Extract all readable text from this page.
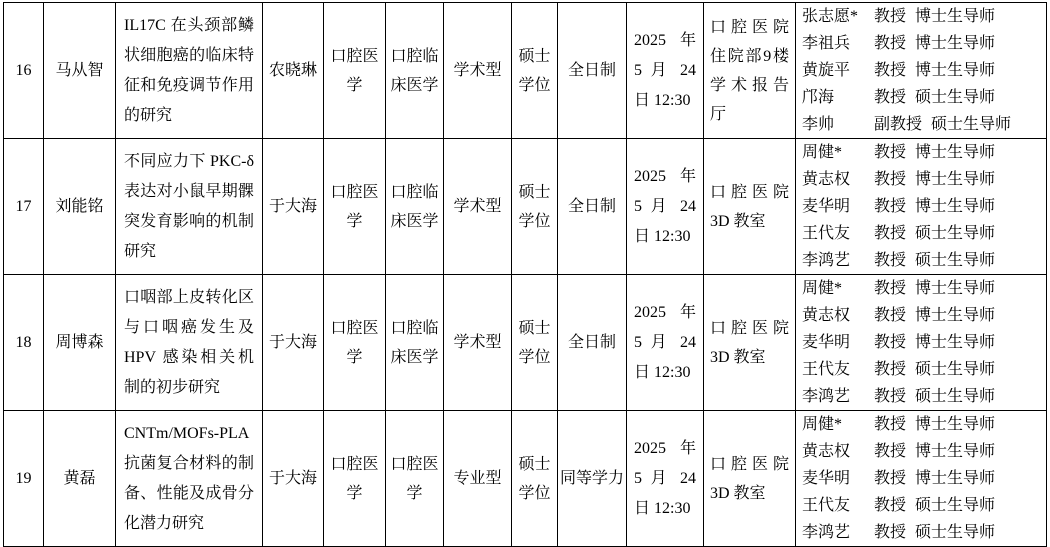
16	马从智	IL17C 在头颈部鳞状细胞癌的临床特征和免疫调节作用的研究	农晓琳	口腔医学	口腔临床医学	学术型	硕士学位	全日制	2025 年 5 月 24 日 12:30	口腔医院住院部9楼学术报告厅	
张志愿* 教授 博士生导师
李祖兵	教授 博士生导师
黄旋平	教授 博士生导师
邝海	教授 硕士生导师
李帅	副教授 硕士生导师

17	刘能铭	不同应力下 PKC-δ 表达对小鼠早期髁突发育影响的机制研究	于大海	口腔医学	口腔临床医学	学术型	硕士学位	全日制	2025 年 5 月 24 日 12:30	口腔医院 3D 教室	
周健*	教授 博士生导师
黄志权	教授 博士生导师
麦华明	教授 博士生导师
王代友	教授 硕士生导师
李鸿艺	教授 硕士生导师

18	周博森	口咽部上皮转化区与口咽癌发生及 HPV 感染相关机制的初步研究	于大海	口腔医学	口腔临床医学	学术型	硕士学位	全日制	2025 年 5 月 24 日 12:30	口腔医院 3D 教室	
周健*	教授 博士生导师
黄志权	教授 博士生导师
麦华明	教授 博士生导师
王代友	教授 硕士生导师
李鸿艺	教授 硕士生导师

19	黄磊	CNTm/MOFs-PLA 抗菌复合材料的制备、性能及成骨分化潜力研究	于大海	口腔医学	口腔医学	专业型	硕士学位	同等学力	2025 年 5 月 24 日 12:30	口腔医院 3D 教室	
周健*	教授 博士生导师
黄志权	教授 博士生导师
麦华明	教授 博士生导师
王代友	教授 硕士生导师
李鸿艺	教授 硕士生导师
